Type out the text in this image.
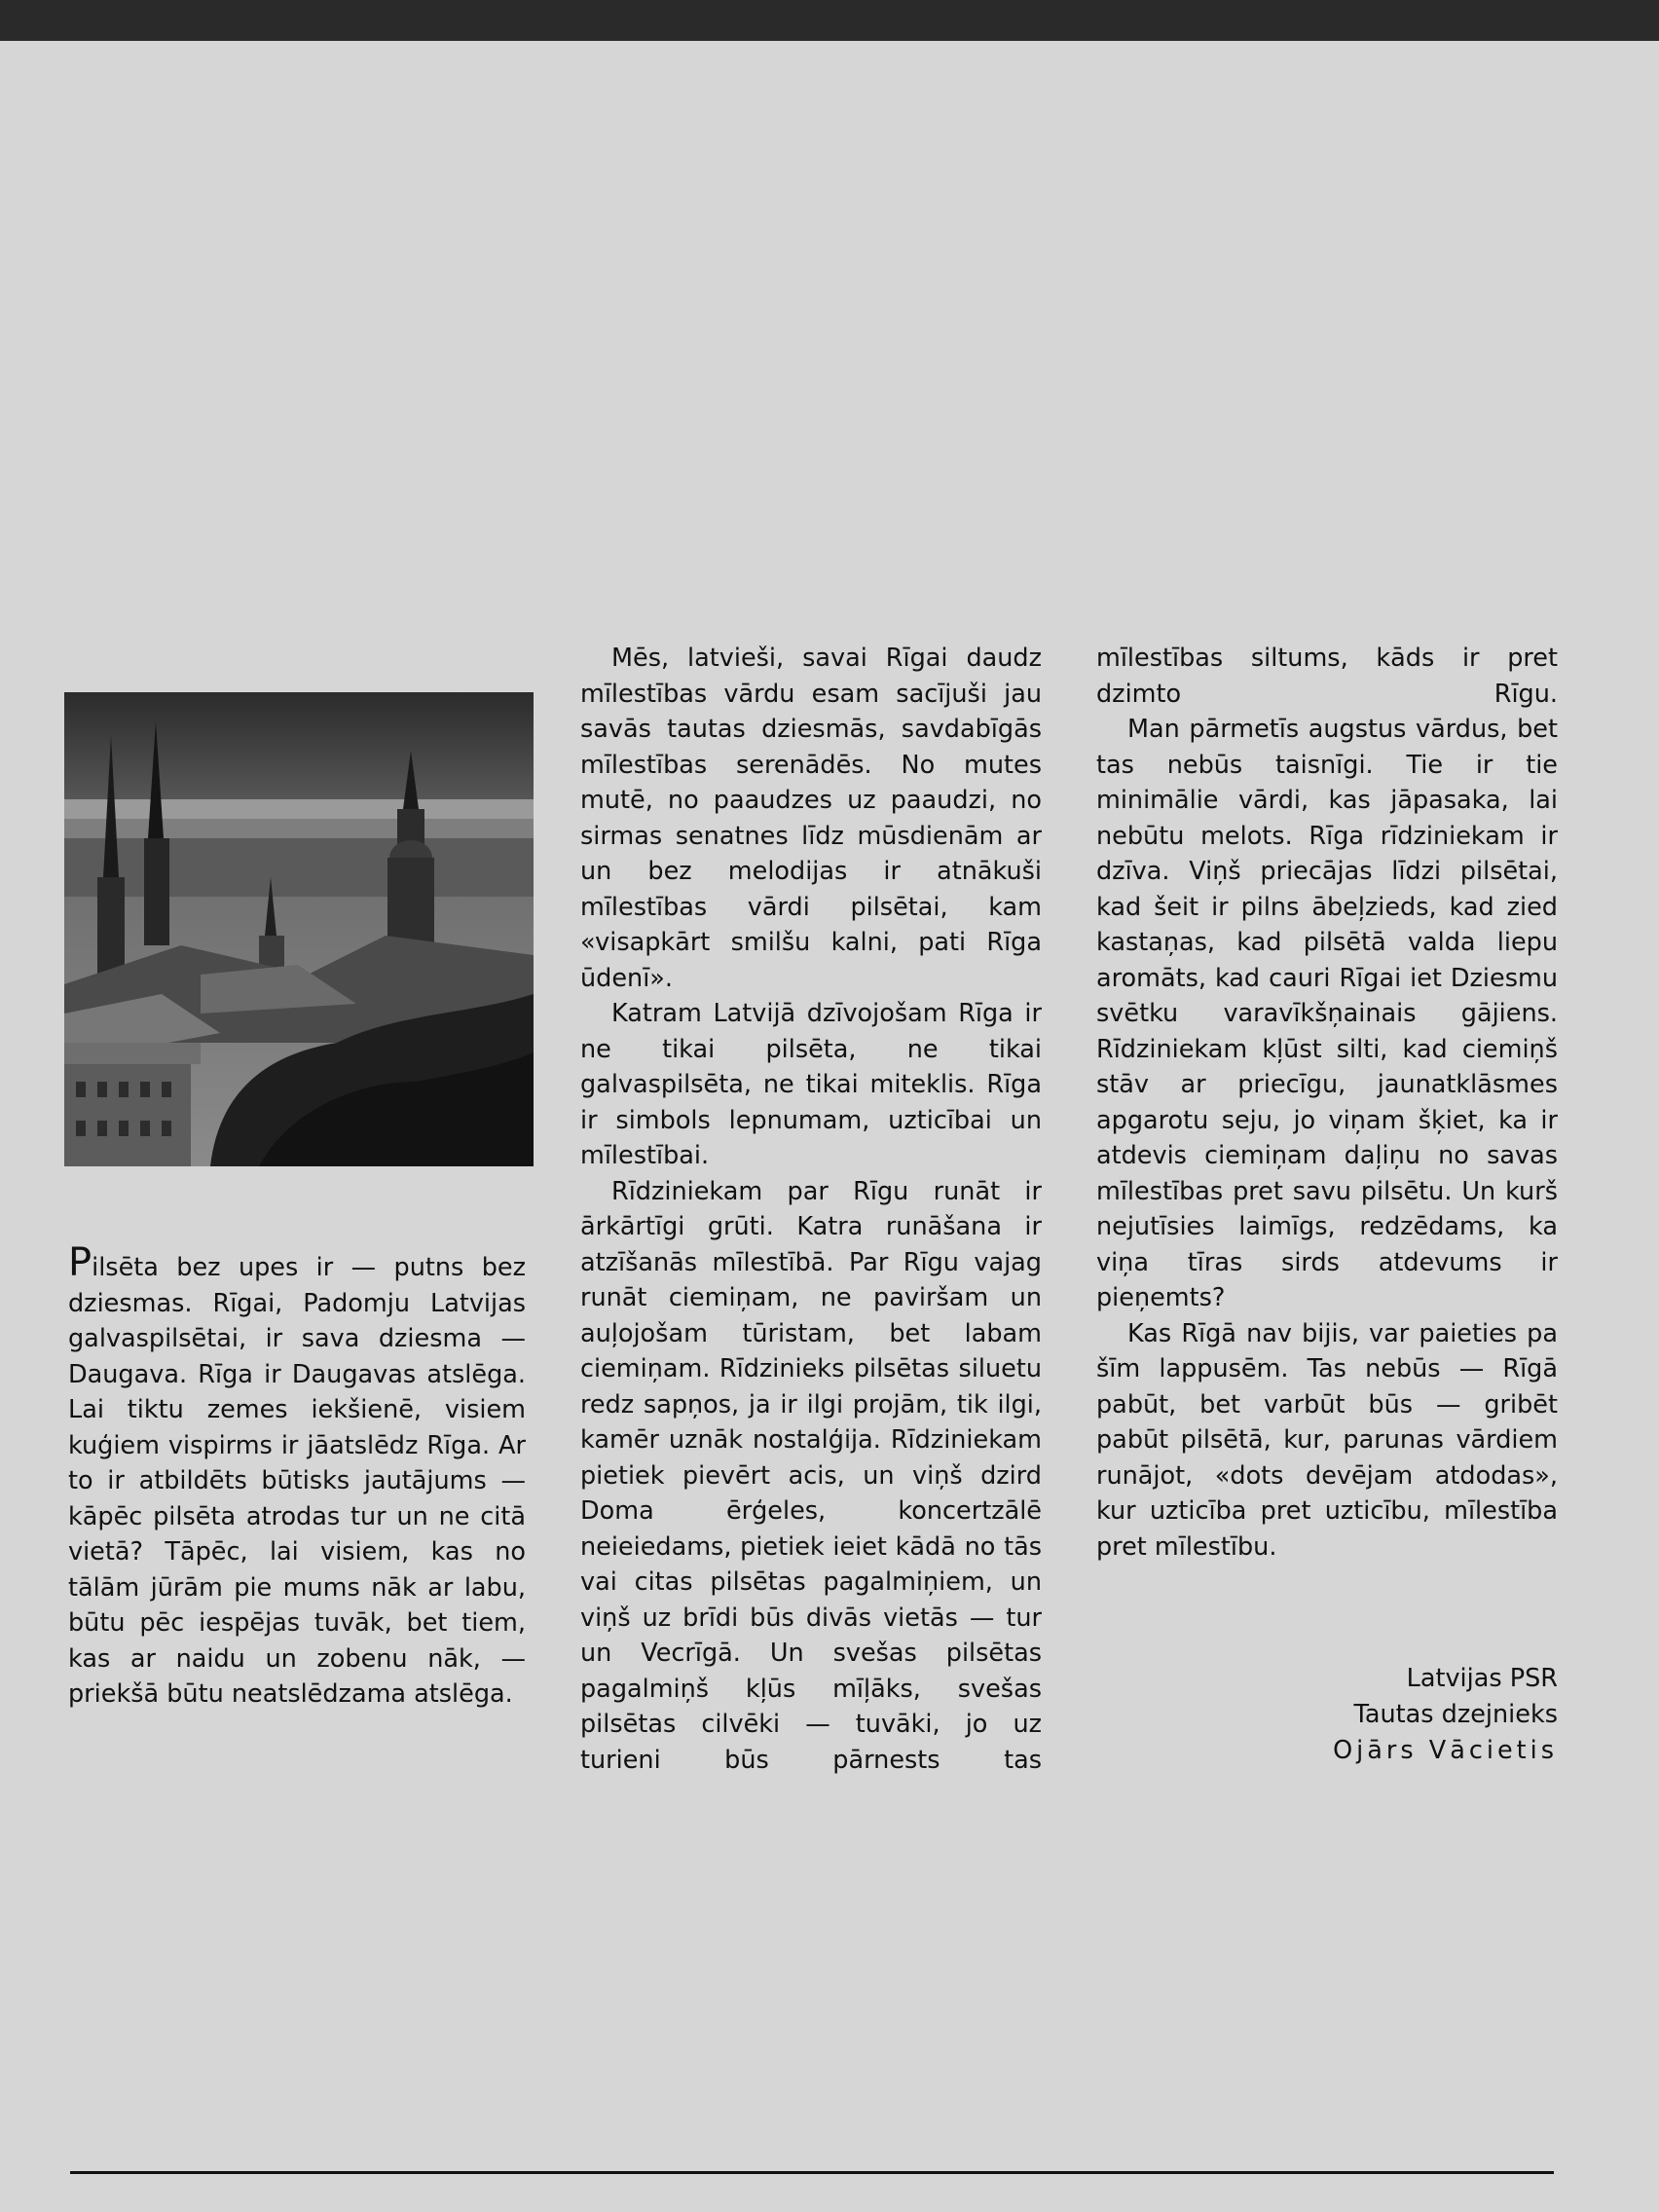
Pilsēta bez upes ir — putns bez dziesmas. Rīgai, Padomju Latvijas galvaspilsētai, ir sava dziesma — Daugava. Rīga ir Daugavas atslēga. Lai tiktu zemes iekšienē, visiem kuģiem vispirms ir jāatslēdz Rīga. Ar to ir atbildēts būtisks jautājums — kāpēc pilsēta atrodas tur un ne citā vietā? Tāpēc, lai visiem, kas no tālām jūrām pie mums nāk ar labu, būtu pēc iespējas tuvāk, bet tiem, kas ar naidu un zobenu nāk, — priekšā būtu neatslēdzama atslēga.

Mēs, latvieši, savai Rīgai daudz mīlestības vārdu esam sacījuši jau savās tautas dziesmās, savdabīgās mīlestības serenādēs. No mutes mutē, no paaudzes uz paaudzi, no sirmas senatnes līdz mūsdienām ar un bez melodijas ir atnākuši mīlestības vārdi pilsētai, kam «visapkārt smilšu kalni, pati Rīga ūdenī».

Katram Latvijā dzīvojošam Rīga ir ne tikai pilsēta, ne tikai galvaspilsēta, ne tikai miteklis. Rīga ir simbols lepnumam, uzticībai un mīlestībai.

Rīdziniekam par Rīgu runāt ir ārkārtīgi grūti. Katra runāšana ir atzīšanās mīlestībā. Par Rīgu vajag runāt ciemiņam, ne paviršam un auļojošam tūristam, bet labam ciemiņam. Rīdzinieks pilsētas siluetu redz sapņos, ja ir ilgi projām, tik ilgi, kamēr uznāk nostalģija. Rīdziniekam pietiek pievērt acis, un viņš dzird Doma ērģeles, koncertzālē neieiedams, pietiek ieiet kādā no tās vai citas pilsētas pagalmiņiem, un viņš uz brīdi būs divās vietās — tur un Vecrīgā. Un svešas pilsētas pagalmiņš kļūs mīļāks, svešas pilsētas cilvēki — tuvāki, jo uz turieni būs pārnests tas

mīlestības siltums, kāds ir pret dzimto Rīgu.

Man pārmetīs augstus vārdus, bet tas nebūs taisnīgi. Tie ir tie minimālie vārdi, kas jāpasaka, lai nebūtu melots. Rīga rīdziniekam ir dzīva. Viņš priecājas līdzi pilsētai, kad šeit ir pilns ābeļzieds, kad zied kastaņas, kad pilsētā valda liepu aromāts, kad cauri Rīgai iet Dziesmu svētku varavīkšņainais gājiens. Rīdziniekam kļūst silti, kad ciemiņš stāv ar priecīgu, jaunatklāsmes apgarotu seju, jo viņam šķiet, ka ir atdevis ciemiņam daļiņu no savas mīlestības pret savu pilsētu. Un kurš nejutīsies laimīgs, redzēdams, ka viņa tīras sirds atdevums ir pieņemts?

Kas Rīgā nav bijis, var paieties pa šīm lappusēm. Tas nebūs — Rīgā pabūt, bet varbūt būs — gribēt pabūt pilsētā, kur, parunas vārdiem runājot, «dots devējam atdodas», kur uzticība pret uzticību, mīlestība pret mīlestību.

Latvijas PSR
Tautas dzejnieks
Ojārs Vācietis
